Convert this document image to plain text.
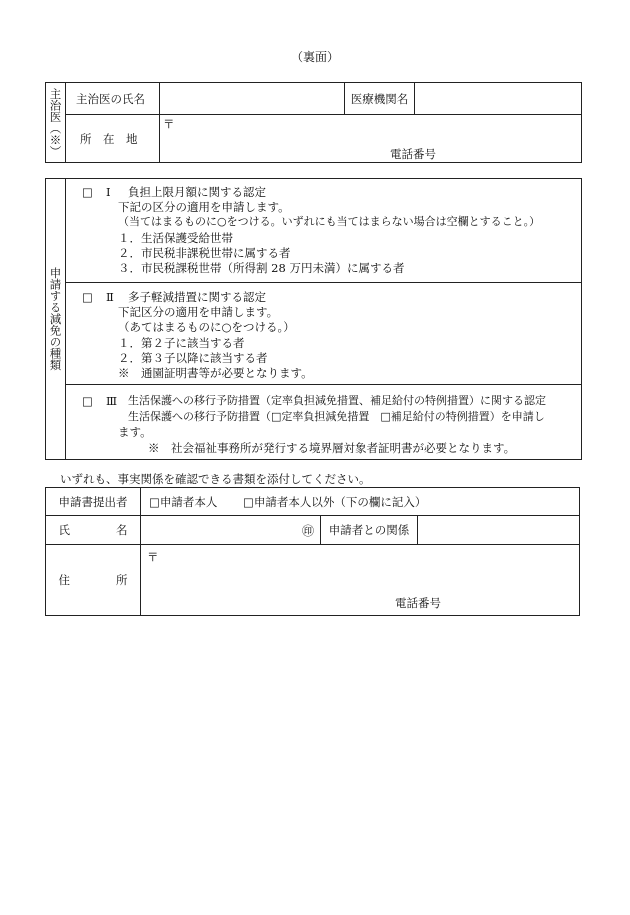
（裏面）
主治医（※）	主治医の氏名		医療機関名	
	所　在　地	〒
電話番号		
申請する減免の種類

□ Ⅰ 負担上限月額に関する認定
下記の区分の適用を申請します。
（当てはまるものに○をつける。いずれにも当てはまらない場合は空欄とすること。）
１．生活保護受給世帯
２．市民税非課税世帯に属する者
３．市民税課税世帯（所得割 28 万円未満）に属する者

□ Ⅱ 多子軽減措置に関する認定
下記区分の適用を申請します。
（あてはまるものに○をつける。）
１．第２子に該当する者
２．第３子以降に該当する者
※　通園証明書等が必要となります。

□ Ⅲ 生活保護への移行予防措置（定率負担減免措置、補足給付の特例措置）に関する認定
生活保護への移行予防措置（□定率負担減免措置　□補足給付の特例措置）を申請し
ます。
※　社会福祉事務所が発行する境界層対象者証明書が必要となります。
いずれも、事実関係を確認できる書類を添付してください。
申請書提出者	□申請者本人 □申請者本人以外（下の欄に記入）		
氏　　　　名	㊞	申請者との関係	
住　　　　所	〒
電話番号		
